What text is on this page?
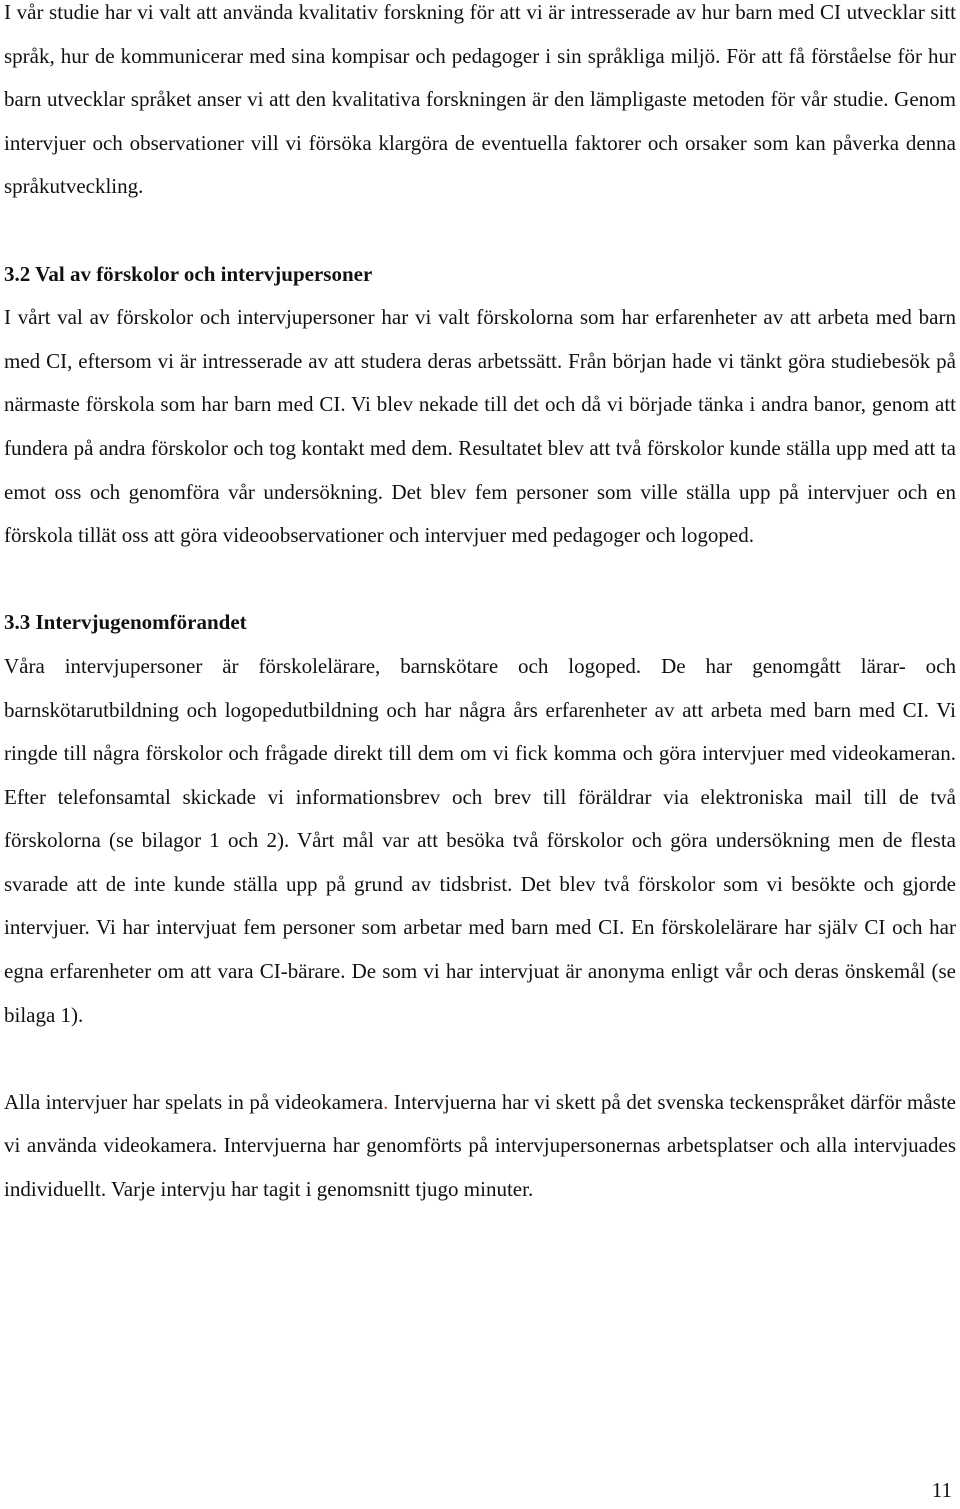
I vår studie har vi valt att använda kvalitativ forskning för att vi är intresserade av hur barn med CI utvecklar sitt språk, hur de kommunicerar med sina kompisar och pedagoger i sin språkliga miljö. För att få förståelse för hur barn utvecklar språket anser vi att den kvalitativa forskningen är den lämpligaste metoden för vår studie. Genom intervjuer och observationer vill vi försöka klargöra de eventuella faktorer och orsaker som kan påverka denna språkutveckling.

3.2 Val av förskolor och intervjupersoner

I vårt val av förskolor och intervjupersoner har vi valt förskolorna som har erfarenheter av att arbeta med barn med CI, eftersom vi är intresserade av att studera deras arbetssätt. Från början hade vi tänkt göra studiebesök på närmaste förskola som har barn med CI. Vi blev nekade till det och då vi började tänka i andra banor, genom att fundera på andra förskolor och tog kontakt med dem. Resultatet blev att två förskolor kunde ställa upp med att ta emot oss och genomföra vår undersökning. Det blev fem personer som ville ställa upp på intervjuer och en förskola tillät oss att göra videoobservationer och intervjuer med pedagoger och logoped.

3.3 Intervjugenomförandet

Våra intervjupersoner är förskolelärare, barnskötare och logoped. De har genomgått lärar- och barnskötarutbildning och logopedutbildning och har några års erfarenheter av att arbeta med barn med CI. Vi ringde till några förskolor och frågade direkt till dem om vi fick komma och göra intervjuer med videokameran. Efter telefonsamtal skickade vi informationsbrev och brev till föräldrar via elektroniska mail till de två förskolorna (se bilagor 1 och 2). Vårt mål var att besöka två förskolor och göra undersökning men de flesta svarade att de inte kunde ställa upp på grund av tidsbrist. Det blev två förskolor som vi besökte och gjorde intervjuer. Vi har intervjuat fem personer som arbetar med barn med CI. En förskolelärare har själv CI och har egna erfarenheter om att vara CI-bärare. De som vi har intervjuat är anonyma enligt vår och deras önskemål (se bilaga 1).

Alla intervjuer har spelats in på videokamera. Intervjuerna har vi skett på det svenska teckenspråket därför måste vi använda videokamera. Intervjuerna har genomförts på intervjupersonernas arbetsplatser och alla intervjuades individuellt. Varje intervju har tagit i genomsnitt tjugo minuter.

11
